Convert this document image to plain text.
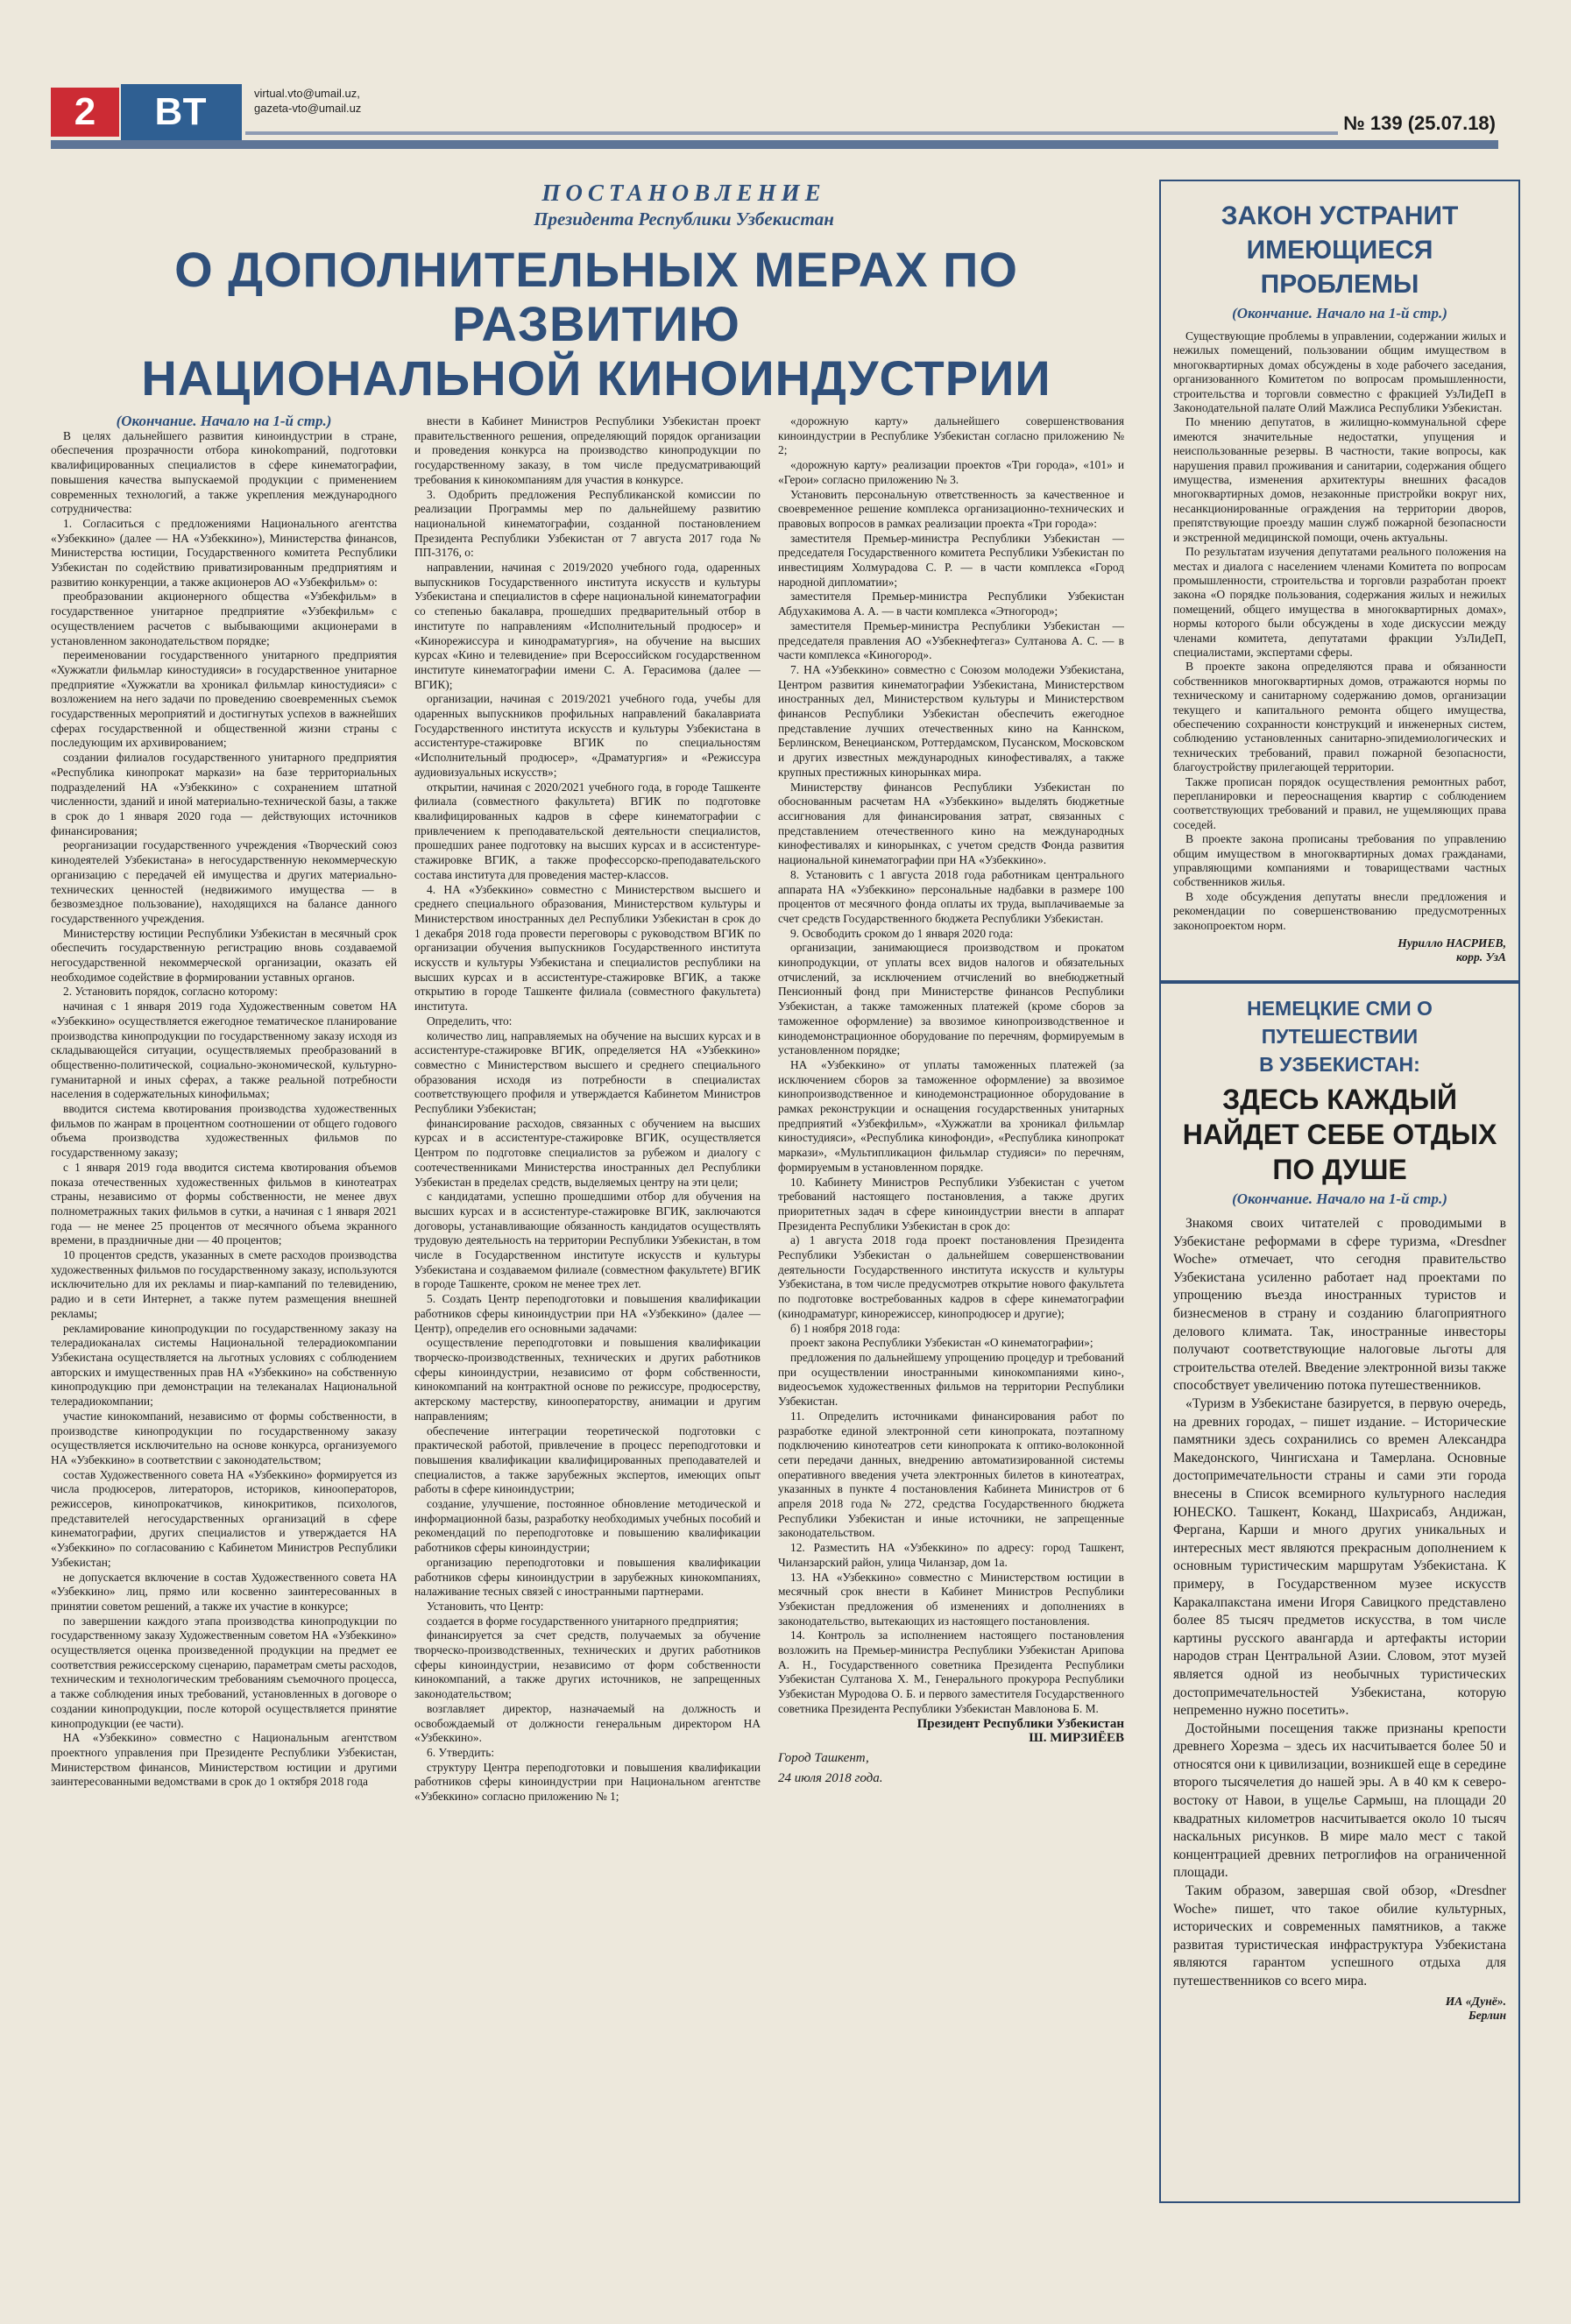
2	ВТ	virtual.vto@umail.uz,
gazeta-vto@umail.uz
№ 139 (25.07.18)
ПОСТАНОВЛЕНИЕ
Президента Республики Узбекистан
О ДОПОЛНИТЕЛЬНЫХ МЕРАХ ПО РАЗВИТИЮ
НАЦИОНАЛЬНОЙ КИНОИНДУСТРИИ

(Окончание. Начало на 1-й стр.)

В целях дальнейшего развития киноиндустрии в стране, обеспечения прозрачности отбора киноkompаний, подготовки квалифицированных специалистов в сфере кинематографии, повышения качества выпускаемой продукции с применением современных технологий, а также укрепления международного сотрудничества:

1. Согласиться с предложениями Национального агентства «Узбеккино» (далее — НА «Узбеккино»), Министерства финансов, Министерства юстиции, Государственного комитета Республики Узбекистан по содействию приватизированным предприятиям и развитию конкуренции, а также акционеров АО «Узбекфильм» о:

преобразовании акционерного общества «Узбекфильм» в государственное унитарное предприятие «Узбекфильм» с осуществлением расчетов с выбывающими акционерами в установленном законодательством порядке;

переименовании государственного унитарного предприятия «Хужжатли фильмлар киностудияси» в государственное унитарное предприятие «Хужжатли ва хроникал фильмлар киностудияси» с возложением на него задачи по проведению своевременных съемок государственных мероприятий и достигнутых успехов в важнейших сферах государственной и общественной жизни страны с последующим их архивированием;

создании филиалов государственного унитарного предприятия «Республика кинопрокат маркази» на базе территориальных подразделений НА «Узбеккино» с сохранением штатной численности, зданий и иной материально-технической базы, а также в срок до 1 января 2020 года — действующих источников финансирования;

реорганизации государственного учреждения «Творческий союз кинодеятелей Узбекистана» в негосударственную некоммерческую организацию с передачей ей имущества и других материально-технических ценностей (недвижимого имущества — в безвозмездное пользование), находящихся на балансе данного государственного учреждения.

Министерству юстиции Республики Узбекистан в месячный срок обеспечить государственную регистрацию вновь создаваемой негосударственной некоммерческой организации, оказать ей необходимое содействие в формировании уставных органов.

2. Установить порядок, согласно которому:

начиная с 1 января 2019 года Художественным советом НА «Узбеккино» осуществляется ежегодное тематическое планирование производства кинопродукции по государственному заказу исходя из складывающейся ситуации, осуществляемых преобразований в общественно-политической, социально-экономической, культурно-гуманитарной и иных сферах, а также реальной потребности населения в содержательных кинофильмах;

вводится система квотирования производства художественных фильмов по жанрам в процентном соотношении от общего годового объема производства художественных фильмов по государственному заказу;

с 1 января 2019 года вводится система квотирования объемов показа отечественных художественных фильмов в кинотеатрах страны, независимо от формы собственности, не менее двух полнометражных таких фильмов в сутки, а начиная с 1 января 2021 года — не менее 25 процентов от месячного объема экранного времени, в праздничные дни — 40 процентов;

10 процентов средств, указанных в смете расходов производства художественных фильмов по государственному заказу, используются исключительно для их рекламы и пиар-кампаний по телевидению, радио и в сети Интернет, а также путем размещения внешней рекламы;

рекламирование кинопродукции по государственному заказу на телерадиоканалах системы Национальной телерадиокомпании Узбекистана осуществляется на льготных условиях с соблюдением авторских и имущественных прав НА «Узбеккино» на собственную кинопродукцию при демонстрации на телеканалах Национальной телерадиокомпании;

участие кинокомпаний, независимо от формы собственности, в производстве кинопродукции по государственному заказу осуществляется исключительно на основе конкурса, организуемого НА «Узбеккино» в соответствии с законодательством;

состав Художественного совета НА «Узбеккино» формируется из числа продюсеров, литераторов, историков, кинооператоров, режиссеров, кинопрокатчиков, кинокритиков, психологов, представителей негосударственных организаций в сфере кинематографии, других специалистов и утверждается НА «Узбеккино» по согласованию с Кабинетом Министров Республики Узбекистан;

не допускается включение в состав Художественного совета НА «Узбеккино» лиц, прямо или косвенно заинтересованных в принятии советом решений, а также их участие в конкурсе;

по завершении каждого этапа производства кинопродукции по государственному заказу Художественным советом НА «Узбеккино» осуществляется оценка произведенной продукции на предмет ее соответствия режиссерскому сценарию, параметрам сметы расходов, техническим и технологическим требованиям съемочного процесса, а также соблюдения иных требований, установленных в договоре о создании кинопродукции, после которой осуществляется принятие кинопродукции (ее части).

НА «Узбеккино» совместно с Национальным агентством проектного управления при Президенте Республики Узбекистан, Министерством финансов, Министерством юстиции и другими заинтересованными ведомствами в срок до 1 октября 2018 года

внести в Кабинет Министров Республики Узбекистан проект правительственного решения, определяющий порядок организации и проведения конкурса на производство кинопродукции по государственному заказу, в том числе предусматривающий требования к кинокомпаниям для участия в конкурсе.

3. Одобрить предложения Республиканской комиссии по реализации Программы мер по дальнейшему развитию национальной кинематографии, созданной постановлением Президента Республики Узбекистан от 7 августа 2017 года № ПП-3176, о:

направлении, начиная с 2019/2020 учебного года, одаренных выпускников Государственного института искусств и культуры Узбекистана и специалистов в сфере национальной кинематографии со степенью бакалавра, прошедших предварительный отбор в институте по направлениям «Исполнительный продюсер» и «Кинорежиссура и кинодраматургия», на обучение на высших курсах «Кино и телевидение» при Всероссийском государственном институте кинематографии имени С. А. Герасимова (далее — ВГИК);

организации, начиная с 2019/2021 учебного года, учебы для одаренных выпускников профильных направлений бакалавриата Государственного института искусств и культуры Узбекистана в ассистентуре-стажировке ВГИК по специальностям «Исполнительный продюсер», «Драматургия» и «Режиссура аудиовизуальных искусств»;

открытии, начиная с 2020/2021 учебного года, в городе Ташкенте филиала (совместного факультета) ВГИК по подготовке квалифицированных кадров в сфере кинематографии с привлечением к преподавательской деятельности специалистов, прошедших ранее подготовку на высших курсах и в ассистентуре-стажировке ВГИК, а также профессорско-преподавательского состава института для проведения мастер-классов.

4. НА «Узбеккино» совместно с Министерством высшего и среднего специального образования, Министерством культуры и Министерством иностранных дел Республики Узбекистан в срок до 1 декабря 2018 года провести переговоры с руководством ВГИК по организации обучения выпускников Государственного института искусств и культуры Узбекистана и специалистов республики на высших курсах и в ассистентуре-стажировке ВГИК, а также открытию в городе Ташкенте филиала (совместного факультета) института.

Определить, что:

количество лиц, направляемых на обучение на высших курсах и в ассистентуре-стажировке ВГИК, определяется НА «Узбеккино» совместно с Министерством высшего и среднего специального образования исходя из потребности в специалистах соответствующего профиля и утверждается Кабинетом Министров Республики Узбекистан;

финансирование расходов, связанных с обучением на высших курсах и в ассистентуре-стажировке ВГИК, осуществляется Центром по подготовке специалистов за рубежом и диалогу с соотечественниками Министерства иностранных дел Республики Узбекистан в пределах средств, выделяемых центру на эти цели;

с кандидатами, успешно прошедшими отбор для обучения на высших курсах и в ассистентуре-стажировке ВГИК, заключаются договоры, устанавливающие обязанность кандидатов осуществлять трудовую деятельность на территории Республики Узбекистан, в том числе в Государственном институте искусств и культуры Узбекистана и создаваемом филиале (совместном факультете) ВГИК в городе Ташкенте, сроком не менее трех лет.

5. Создать Центр переподготовки и повышения квалификации работников сферы киноиндустрии при НА «Узбеккино» (далее — Центр), определив его основными задачами:

осуществление переподготовки и повышения квалификации творческо-производственных, технических и других работников сферы киноиндустрии, независимо от форм собственности, кинокомпаний на контрактной основе по режиссуре, продюсерству, актерскому мастерству, кинооператорству, анимации и другим направлениям;

обеспечение интеграции теоретической подготовки с практической работой, привлечение в процесс переподготовки и повышения квалификации квалифицированных преподавателей и специалистов, а также зарубежных экспертов, имеющих опыт работы в сфере киноиндустрии;

создание, улучшение, постоянное обновление методической и информационной базы, разработку необходимых учебных пособий и рекомендаций по переподготовке и повышению квалификации работников сферы киноиндустрии;

организацию переподготовки и повышения квалификации работников сферы киноиндустрии в зарубежных кинокомпаниях, налаживание тесных связей с иностранными партнерами.

Установить, что Центр:

создается в форме государственного унитарного предприятия;

финансируется за счет средств, получаемых за обучение творческо-производственных, технических и других работников сферы киноиндустрии, независимо от форм собственности кинокомпаний, а также других источников, не запрещенных законодательством;

возглавляет директор, назначаемый на должность и освобождаемый от должности генеральным директором НА «Узбеккино».

6. Утвердить:

структуру Центра переподготовки и повышения квалификации работников сферы киноиндустрии при Национальном агентстве «Узбеккино» согласно приложению № 1;

«дорожную карту» дальнейшего совершенствования киноиндустрии в Республике Узбекистан согласно приложению № 2;

«дорожную карту» реализации проектов «Три города», «101» и «Герои» согласно приложению № 3.

Установить персональную ответственность за качественное и своевременное решение комплекса организационно-технических и правовых вопросов в рамках реализации проекта «Три города»:

заместителя Премьер-министра Республики Узбекистан — председателя Государственного комитета Республики Узбекистан по инвестициям Холмурадова С. Р. — в части комплекса «Город народной дипломатии»;

заместителя Премьер-министра Республики Узбекистан Абдухакимова А. А. — в части комплекса «Этногород»;

заместителя Премьер-министра Республики Узбекистан — председателя правления АО «Узбекнефтегаз» Султанова А. С. — в части комплекса «Киногород».

7. НА «Узбеккино» совместно с Союзом молодежи Узбекистана, Центром развития кинематографии Узбекистана, Министерством иностранных дел, Министерством культуры и Министерством финансов Республики Узбекистан обеспечить ежегодное представление лучших отечественных кино на Каннском, Берлинском, Венецианском, Роттердамском, Пусанском, Московском и других известных международных кинофестивалях, а также крупных престижных кинорынках мира.

Министерству финансов Республики Узбекистан по обоснованным расчетам НА «Узбеккино» выделять бюджетные ассигнования для финансирования затрат, связанных с представлением отечественного кино на международных кинофестивалях и кинорынках, с учетом средств Фонда развития национальной кинематографии при НА «Узбеккино».

8. Установить с 1 августа 2018 года работникам центрального аппарата НА «Узбеккино» персональные надбавки в размере 100 процентов от месячного фонда оплаты их труда, выплачиваемые за счет средств Государственного бюджета Республики Узбекистан.

9. Освободить сроком до 1 января 2020 года:

организации, занимающиеся производством и прокатом кинопродукции, от уплаты всех видов налогов и обязательных отчислений, за исключением отчислений во внебюджетный Пенсионный фонд при Министерстве финансов Республики Узбекистан, а также таможенных платежей (кроме сборов за таможенное оформление) за ввозимое кинопроизводственное и кинодемонстрационное оборудование по перечням, формируемым в установленном порядке;

НА «Узбеккино» от уплаты таможенных платежей (за исключением сборов за таможенное оформление) за ввозимое кинопроизводственное и кинодемонстрационное оборудование в рамках реконструкции и оснащения государственных унитарных предприятий «Узбекфильм», «Хужжатли ва хроникал фильмлар киностудияси», «Республика кинофонди», «Республика кинопрокат маркази», «Мультипликацион фильмлар студияси» по перечням, формируемым в установленном порядке.

10. Кабинету Министров Республики Узбекистан с учетом требований настоящего постановления, а также других приоритетных задач в сфере киноиндустрии внести в аппарат Президента Республики Узбекистан в срок до:

а) 1 августа 2018 года проект постановления Президента Республики Узбекистан о дальнейшем совершенствовании деятельности Государственного института искусств и культуры Узбекистана, в том числе предусмотрев открытие нового факультета по подготовке востребованных кадров в сфере кинематографии (кинодраматург, кинорежиссер, кинопродюсер и другие);

б) 1 ноября 2018 года:

проект закона Республики Узбекистан «О кинематографии»;

предложения по дальнейшему упрощению процедур и требований при осуществлении иностранными кинокомпаниями кино-, видеосъемок художественных фильмов на территории Республики Узбекистан.

11. Определить источниками финансирования работ по разработке единой электронной сети кинопроката, поэтапному подключению кинотеатров сети кинопроката к оптико-волоконной сети передачи данных, внедрению автоматизированной системы оперативного введения учета электронных билетов в кинотеатрах, указанных в пункте 4 постановления Кабинета Министров от 6 апреля 2018 года № 272, средства Государственного бюджета Республики Узбекистан и иные источники, не запрещенные законодательством.

12. Разместить НА «Узбеккино» по адресу: город Ташкент, Чиланзарский район, улица Чиланзар, дом 1а.

13. НА «Узбеккино» совместно с Министерством юстиции в месячный срок внести в Кабинет Министров Республики Узбекистан предложения об изменениях и дополнениях в законодательство, вытекающих из настоящего постановления.

14. Контроль за исполнением настоящего постановления возложить на Премьер-министра Республики Узбекистан Арипова А. Н., Государственного советника Президента Республики Узбекистан Султанова Х. М., Генерального прокурора Республики Узбекистан Муродова О. Б. и первого заместителя Государственного советника Президента Республики Узбекистан Мавлонова Б. М.

Президент Республики Узбекистан

Ш. МИРЗИЁЕВ

Город Ташкент,

24 июля 2018 года.

ЗАКОН УСТРАНИТ ИМЕЮЩИЕСЯ ПРОБЛЕМЫ
(Окончание. Начало на 1-й стр.)

Существующие проблемы в управлении, содержании жилых и нежилых помещений, пользовании общим имуществом в многоквартирных домах обсуждены в ходе рабочего заседания, организованного Комитетом по вопросам промышленности, строительства и торговли совместно с фракцией УзЛиДеП в Законодательной палате Олий Мажлиса Республики Узбекистан.

По мнению депутатов, в жилищно-коммунальной сфере имеются значительные недостатки, упущения и неиспользованные резервы. В частности, такие вопросы, как нарушения правил проживания и санитарии, содержания общего имущества, изменения архитектуры внешних фасадов многоквартирных домов, незаконные пристройки вокруг них, несанкционированные ограждения на территории дворов, препятствующие проезду машин служб пожарной безопасности и экстренной медицинской помощи, очень актуальны.

По результатам изучения депутатами реального положения на местах и диалога с населением членами Комитета по вопросам промышленности, строительства и торговли разработан проект закона «О порядке пользования, содержания жилых и нежилых помещений, общего имущества в многоквартирных домах», нормы которого были обсуждены в ходе дискуссии между членами комитета, депутатами фракции УзЛиДеП, специалистами, экспертами сферы.

В проекте закона определяются права и обязанности собственников многоквартирных домов, отражаются нормы по техническому и санитарному содержанию домов, организации текущего и капитального ремонта общего имущества, обеспечению сохранности конструкций и инженерных систем, соблюдению установленных санитарно-эпидемиологических и технических требований, правил пожарной безопасности, благоустройству прилегающей территории.

Также прописан порядок осуществления ремонтных работ, перепланировки и переоснащения квартир с соблюдением соответствующих требований и правил, не ущемляющих права соседей.

В проекте закона прописаны требования по управлению общим имуществом в многоквартирных домах гражданами, управляющими компаниями и товариществами частных собственников жилья.

В ходе обсуждения депутаты внесли предложения и рекомендации по совершенствованию предусмотренных законопроектом норм.

Нурилло НАСРИЕВ,
корр. УзА
НЕМЕЦКИЕ СМИ О ПУТЕШЕСТВИИ
В УЗБЕКИСТАН:
ЗДЕСЬ КАЖДЫЙ НАЙДЕТ СЕБЕ ОТДЫХ ПО ДУШЕ
(Окончание. Начало на 1-й стр.)

Знакомя своих читателей с проводимыми в Узбекистане реформами в сфере туризма, «Dresdner Woche» отмечает, что сегодня правительство Узбекистана усиленно работает над проектами по упрощению въезда иностранных туристов и бизнесменов в страну и созданию благоприятного делового климата. Так, иностранные инвесторы получают соответствующие налоговые льготы для строительства отелей. Введение электронной визы также способствует увеличению потока путешественников.

«Туризм в Узбекистане базируется, в первую очередь, на древних городах, – пишет издание. – Исторические памятники здесь сохранились со времен Александра Македонского, Чингисхана и Тамерлана. Основные достопримечательности страны и сами эти города внесены в Список всемирного культурного наследия ЮНЕСКО. Ташкент, Коканд, Шахрисабз, Андижан, Фергана, Карши и много других уникальных и интересных мест являются прекрасным дополнением к основным туристическим маршрутам Узбекистана. К примеру, в Государственном музее искусств Каракалпакстана имени Игоря Савицкого представлено более 85 тысяч предметов искусства, в том числе картины русского авангарда и артефакты истории народов стран Центральной Азии. Словом, этот музей является одной из необычных туристических достопримечательностей Узбекистана, которую непременно нужно посетить».

Достойными посещения также признаны крепости древнего Хорезма – здесь их насчитывается более 50 и относятся они к цивилизации, возникшей еще в середине второго тысячелетия до нашей эры. А в 40 км к северо-востоку от Навои, в ущелье Сармыш, на площади 20 квадратных километров насчитывается около 10 тысяч наскальных рисунков. В мире мало мест с такой концентрацией древних петроглифов на ограниченной площади.

Таким образом, завершая свой обзор, «Dresdner Woche» пишет, что такое обилие культурных, исторических и современных памятников, а также развитая туристическая инфраструктура Узбекистана являются гарантом успешного отдыха для путешественников со всего мира.

ИА «Дунё».
Берлин
